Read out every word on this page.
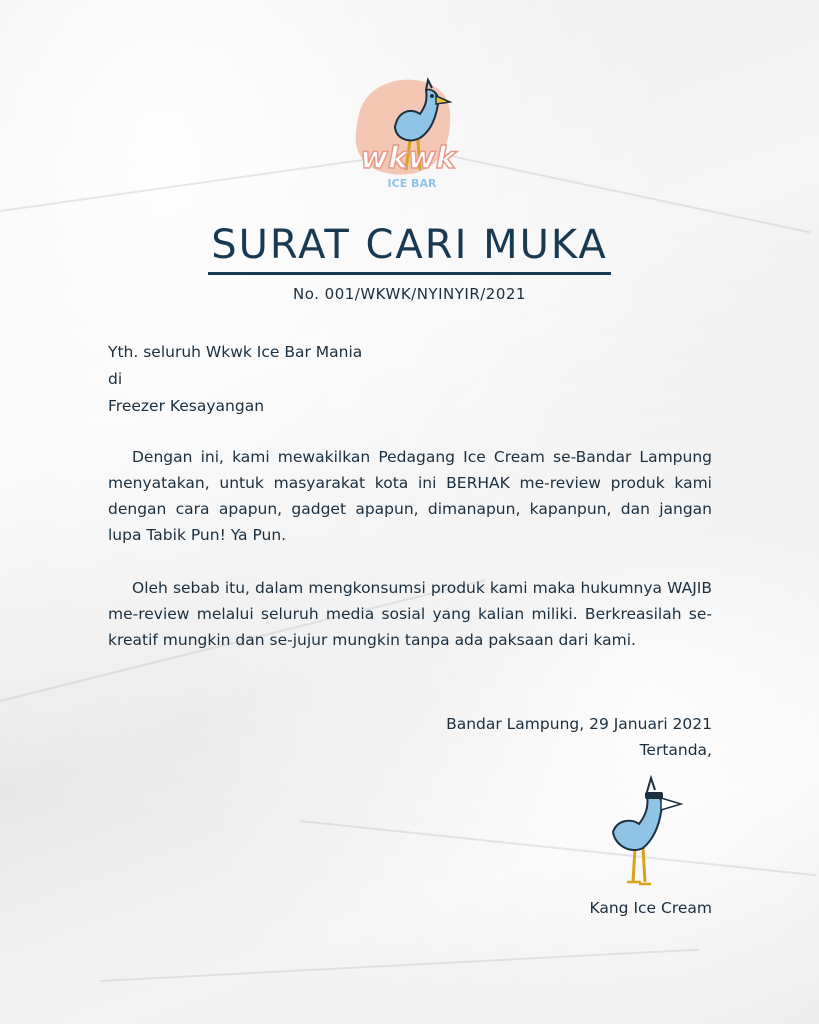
wkwk
ICE BAR
SURAT CARI MUKA
No. 001/WKWK/NYINYIR/2021
Yth. seluruh Wkwk Ice Bar Mania
di
Freezer Kesayangan

Dengan ini, kami mewakilkan Pedagang Ice Cream se-Bandar Lampung menyatakan, untuk masyarakat kota ini BERHAK me-review produk kami dengan cara apapun, gadget apapun, dimanapun, kapanpun, dan jangan lupa Tabik Pun! Ya Pun.

Oleh sebab itu, dalam mengkonsumsi produk kami maka hukumnya WAJIB me-review melalui seluruh media sosial yang kalian miliki. Berkreasilah se-kreatif mungkin dan se-jujur mungkin tanpa ada paksaan dari kami.

Bandar Lampung, 29 Januari 2021
Tertanda,
Kang Ice Cream
